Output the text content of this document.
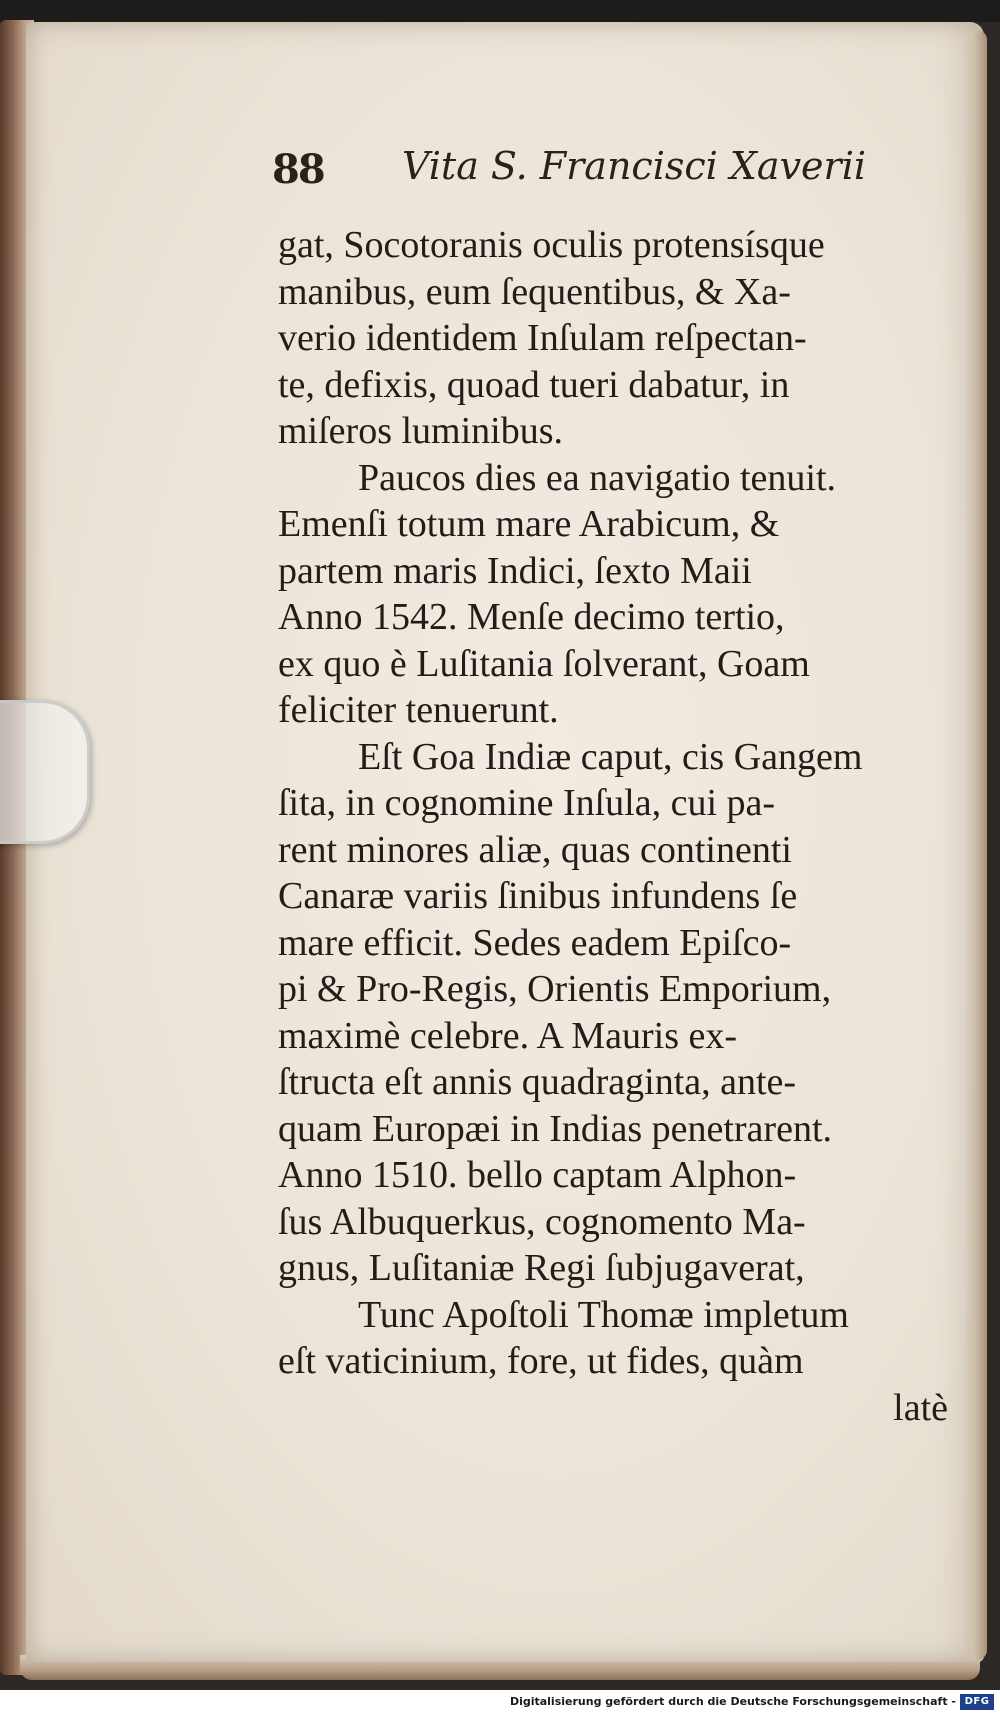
88 Vita S. Francisci Xaverii
gat, Socotoranis oculis protensísque
manibus, eum ſequentibus, & Xa-
verio identidem Inſulam reſpectan-
te, defixis, quoad tueri dabatur, in
miſeros luminibus.
Paucos dies ea navigatio tenuit.
Emenſi totum mare Arabicum, &
partem maris Indici, ſexto Maii
Anno 1542. Menſe decimo tertio,
ex quo è Luſitania ſolverant, Goam
feliciter tenuerunt.
Eſt Goa Indiæ caput, cis Gangem
ſita, in cognomine Inſula, cui pa-
rent minores aliæ, quas continenti
Canaræ variis ſinibus infundens ſe
mare efficit. Sedes eadem Epiſco-
pi & Pro-Regis, Orientis Emporium,
maximè celebre. A Mauris ex-
ſtructa eſt annis quadraginta, ante-
quam Europæi in Indias penetrarent.
Anno 1510. bello captam Alphon-
ſus Albuquerkus, cognomento Ma-
gnus, Luſitaniæ Regi ſubjugaverat,
Tunc Apoſtoli Thomæ impletum
eſt vaticinium, fore, ut fides, quàm
latè
Digitalisierung gefördert durch die Deutsche Forschungsgemeinschaft - DFG
